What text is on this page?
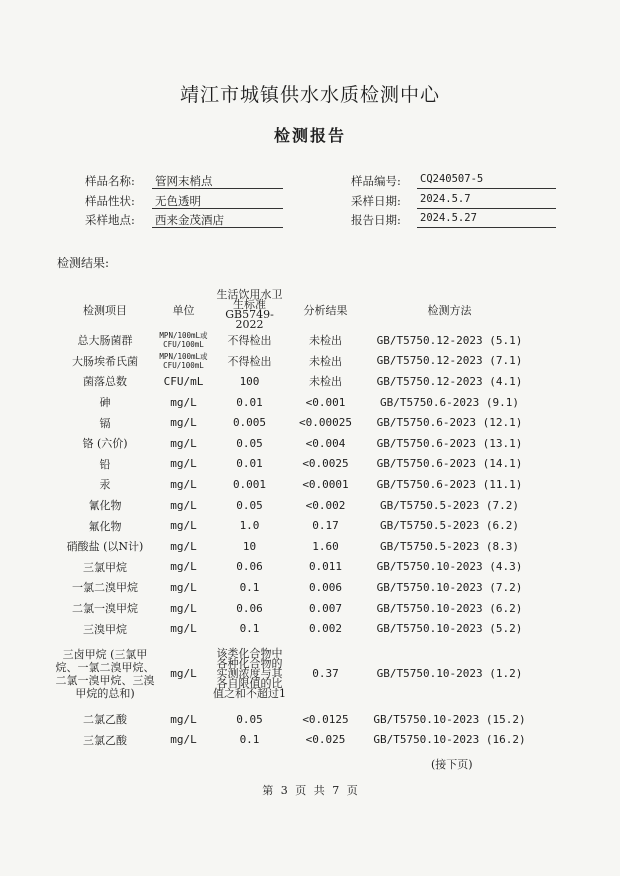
靖江市城镇供水水质检测中心
检测报告
样品名称: 管网末梢点
样品性状: 无色透明
采样地点: 西来金茂酒店
样品编号: CQ240507-5
采样日期: 2024.5.7
报告日期: 2024.5.27
检测结果:
检测项目	单位	生活饮用水卫生标准GB5749-2022	分析结果	检测方法
总大肠菌群	MPN/100mL或CFU/100mL	不得检出	未检出	GB/T5750.12-2023 (5.1)
大肠埃希氏菌	MPN/100mL或CFU/100mL	不得检出	未检出	GB/T5750.12-2023 (7.1)
菌落总数	CFU/mL	100	未检出	GB/T5750.12-2023 (4.1)
砷	mg/L	0.01	<0.001	GB/T5750.6-2023 (9.1)
镉	mg/L	0.005	<0.00025	GB/T5750.6-2023 (12.1)
铬 (六价)	mg/L	0.05	<0.004	GB/T5750.6-2023 (13.1)
铅	mg/L	0.01	<0.0025	GB/T5750.6-2023 (14.1)
汞	mg/L	0.001	<0.0001	GB/T5750.6-2023 (11.1)
氰化物	mg/L	0.05	<0.002	GB/T5750.5-2023 (7.2)
氟化物	mg/L	1.0	0.17	GB/T5750.5-2023 (6.2)
硝酸盐 (以N计)	mg/L	10	1.60	GB/T5750.5-2023 (8.3)
三氯甲烷	mg/L	0.06	0.011	GB/T5750.10-2023 (4.3)
一氯二溴甲烷	mg/L	0.1	0.006	GB/T5750.10-2023 (7.2)
二氯一溴甲烷	mg/L	0.06	0.007	GB/T5750.10-2023 (6.2)
三溴甲烷	mg/L	0.1	0.002	GB/T5750.10-2023 (5.2)
三卤甲烷 (三氯甲烷、一氯二溴甲烷、二氯一溴甲烷、三溴甲烷的总和)	mg/L	该类化合物中各种化合物的实测浓度与其各自限值的比值之和不超过1	0.37	GB/T5750.10-2023 (1.2)
二氯乙酸	mg/L	0.05	<0.0125	GB/T5750.10-2023 (15.2)
三氯乙酸	mg/L	0.1	<0.025	GB/T5750.10-2023 (16.2)
(接下页)
第 3 页 共 7 页
